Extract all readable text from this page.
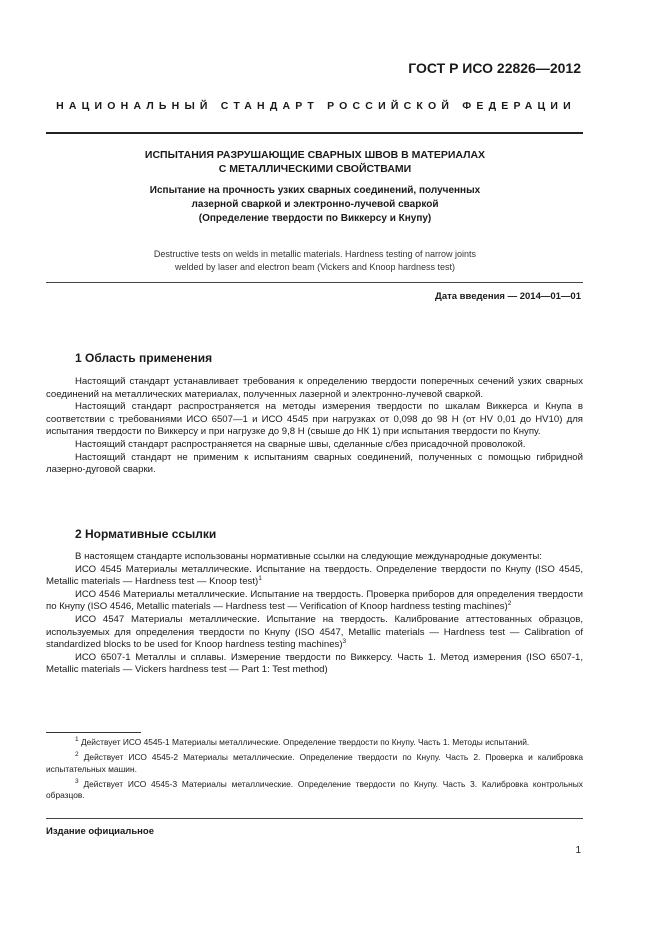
ГОСТ Р ИСО 22826—2012
НАЦИОНАЛЬНЫЙ СТАНДАРТ РОССИЙСКОЙ ФЕДЕРАЦИИ
ИСПЫТАНИЯ РАЗРУШАЮЩИЕ СВАРНЫХ ШВОВ В МАТЕРИАЛАХ
С МЕТАЛЛИЧЕСКИМИ СВОЙСТВАМИ
Испытание на прочность узких сварных соединений, полученных
лазерной сваркой и электронно-лучевой сваркой
(Определение твердости по Виккерсу и Кнупу)
Destructive tests on welds in metallic materials. Hardness testing of narrow joints
welded by laser and electron beam (Vickers and Knoop hardness test)
Дата введения — 2014—01—01
1 Область применения

Настоящий стандарт устанавливает требования к определению твердости поперечных сечений узких сварных соединений на металлических материалах, полученных лазерной и электронно-лучевой сваркой.

Настоящий стандарт распространяется на методы измерения твердости по шкалам Виккерса и Кнупа в соответствии с требованиями ИСО 6507—1 и ИСО 4545 при нагрузках от 0,098 до 98 Н (от HV 0,01 до HV10) для испытания твердости по Виккерсу и при нагрузке до 9,8 Н (свыше до НК 1) при испытания твердости по Кнупу.

Настоящий стандарт распространяется на сварные швы, сделанные с/без присадочной проволокой.

Настоящий стандарт не применим к испытаниям сварных соединений, полученных с помощью гибридной лазерно-дуговой сварки.

2 Нормативные ссылки

В настоящем стандарте использованы нормативные ссылки на следующие международные документы:

ИСО 4545 Материалы металлические. Испытание на твердость. Определение твердости по Кнупу (ISO 4545, Metallic materials — Hardness test — Knoop test)$^1$

ИСО 4546 Материалы металлические. Испытание на твердость. Проверка приборов для определения твердости по Кнупу (ISO 4546, Metallic materials — Hardness test — Verification of Knoop hardness testing machines)$^2$

ИСО 4547 Материалы металлические. Испытание на твердость. Калибрование аттестованных образцов, используемых для определения твердости по Кнупу (ISO 4547, Metallic materials — Hardness test — Calibration of standardized blocks to be used for Knoop hardness testing machines)$^3$

ИСО 6507-1 Металлы и сплавы. Измерение твердости по Виккерсу. Часть 1. Метод измерения (ISO 6507-1, Metallic materials — Vickers hardness test — Part 1: Test method)

$^1$ Действует ИСО 4545-1 Материалы металлические. Определение твердости по Кнупу. Часть 1. Методы испытаний.

$^2$ Действует ИСО 4545-2 Материалы металлические. Определение твердости по Кнупу. Часть 2. Проверка и калибровка испытательных машин.

$^3$ Действует ИСО 4545-3 Материалы металлические. Определение твердости по Кнупу. Часть 3. Калибровка контрольных образцов.

Издание официальное
1
